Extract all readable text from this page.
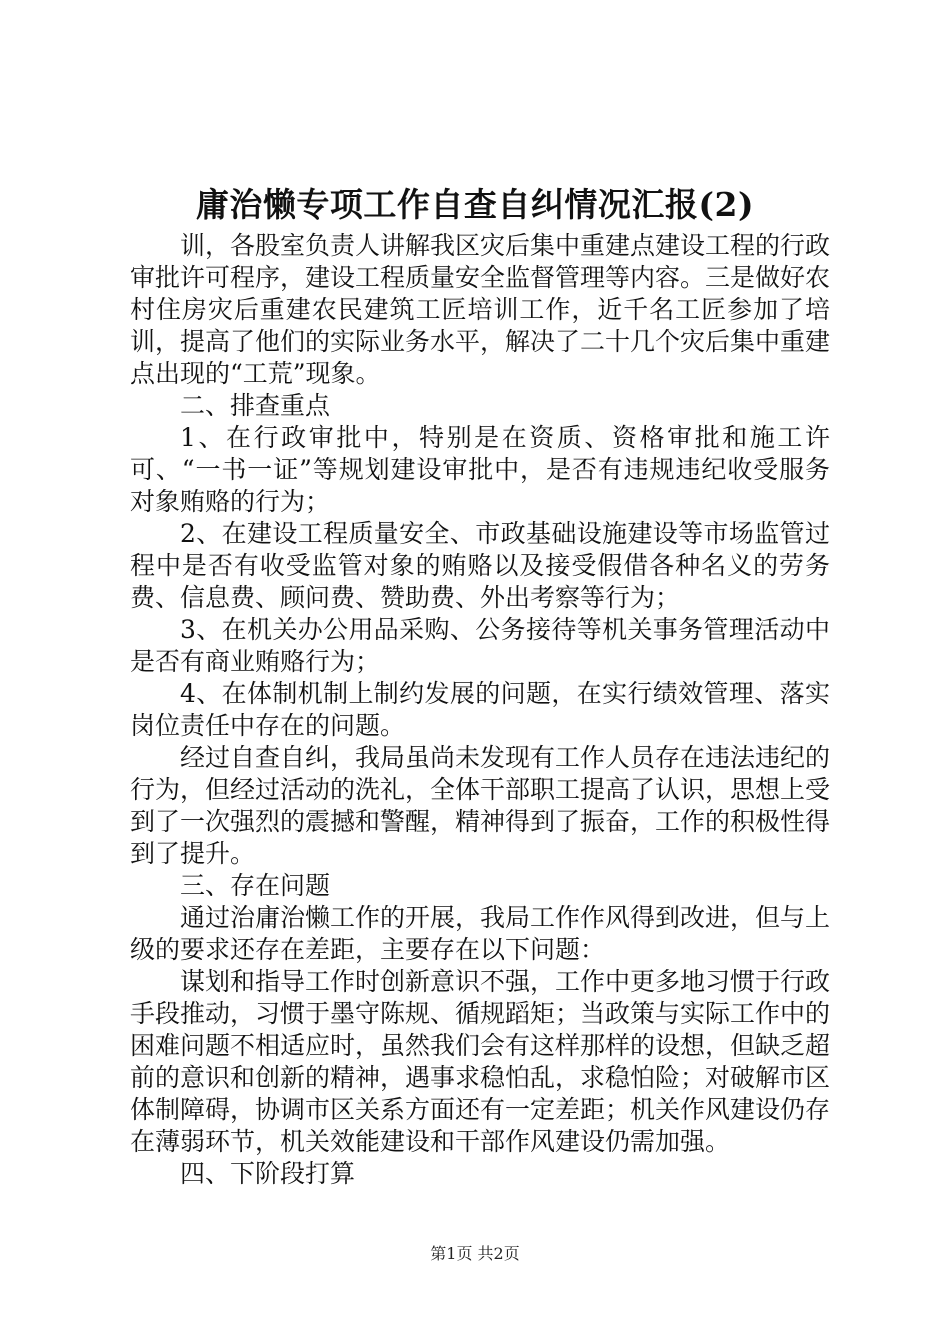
庸治懒专项工作自查自纠情况汇报(2)

训，各股室负责人讲解我区灾后集中重建点建设工程的行政审批许可程序，建设工程质量安全监督管理等内容。三是做好农村住房灾后重建农民建筑工匠培训工作，近千名工匠参加了培训，提高了他们的实际业务水平，解决了二十几个灾后集中重建点出现的“工荒”现象。

二、排查重点

1、在行政审批中，特别是在资质、资格审批和施工许可、“一书一证”等规划建设审批中，是否有违规违纪收受服务对象贿赂的行为；

2、在建设工程质量安全、市政基础设施建设等市场监管过程中是否有收受监管对象的贿赂以及接受假借各种名义的劳务费、信息费、顾问费、赞助费、外出考察等行为；

3、在机关办公用品采购、公务接待等机关事务管理活动中是否有商业贿赂行为；

4、在体制机制上制约发展的问题，在实行绩效管理、落实岗位责任中存在的问题。

经过自查自纠，我局虽尚未发现有工作人员存在违法违纪的行为，但经过活动的洗礼，全体干部职工提高了认识，思想上受到了一次强烈的震撼和警醒，精神得到了振奋，工作的积极性得到了提升。

三、存在问题

通过治庸治懒工作的开展，我局工作作风得到改进，但与上级的要求还存在差距，主要存在以下问题：

谋划和指导工作时创新意识不强，工作中更多地习惯于行政手段推动，习惯于墨守陈规、循规蹈矩；当政策与实际工作中的困难问题不相适应时，虽然我们会有这样那样的设想，但缺乏超前的意识和创新的精神，遇事求稳怕乱，求稳怕险；对破解市区体制障碍，协调市区关系方面还有一定差距；机关作风建设仍存在薄弱环节，机关效能建设和干部作风建设仍需加强。

四、下阶段打算

第1页 共2页
